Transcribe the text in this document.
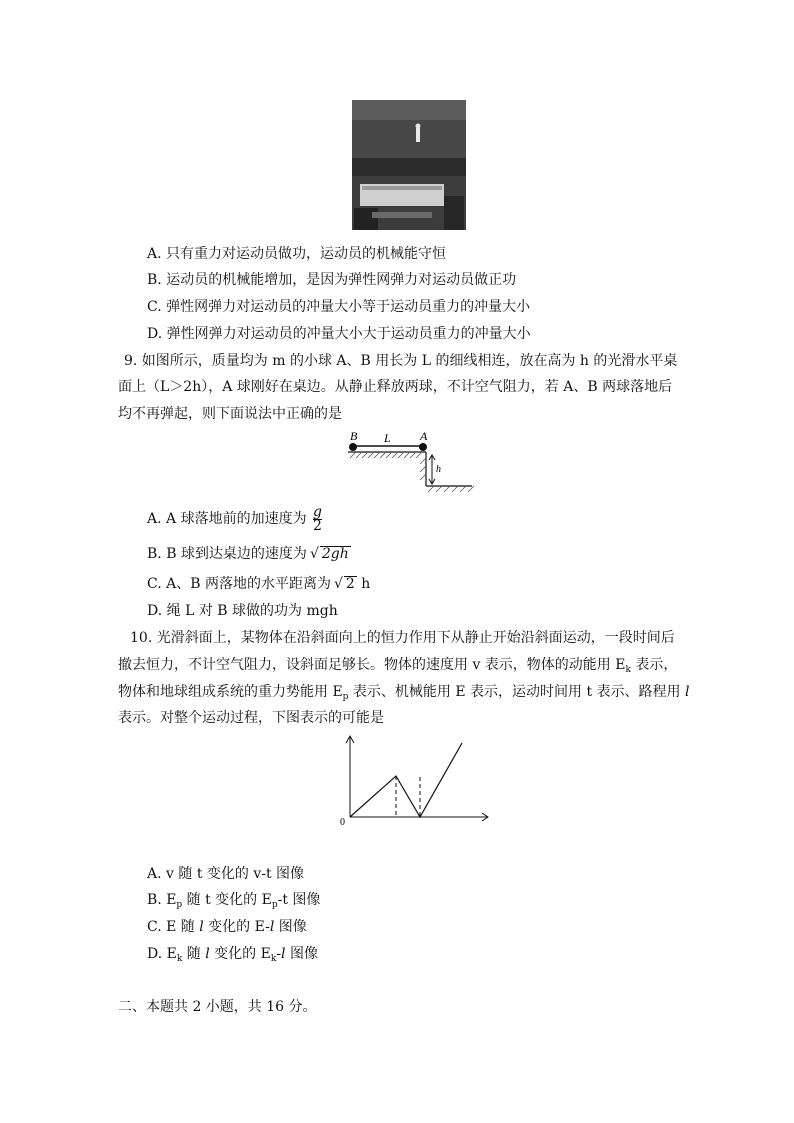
A. 只有重力对运动员做功，运动员的机械能守恒
B. 运动员的机械能增加，是因为弹性网弹力对运动员做正功
C. 弹性网弹力对运动员的冲量大小等于运动员重力的冲量大小
D. 弹性网弹力对运动员的冲量大小大于运动员重力的冲量大小
9. 如图所示，质量均为 m 的小球 A、B 用长为 L 的细线相连，放在高为 h 的光滑水平桌
面上（L＞2h），A 球刚好在桌边。从静止释放两球，不计空气阻力，若 A、B 两球落地后
均不再弹起，则下面说法中正确的是
B L A
h
A. A 球落地前的加速度为 $\frac{g}{2}$
B. B 球到达桌边的速度为 √ 2gh
C. A、B 两落地的水平距离为 √ 2 h
D. 绳 L 对 B 球做的功为 mgh
10. 光滑斜面上，某物体在沿斜面向上的恒力作用下从静止开始沿斜面运动，一段时间后
撤去恒力，不计空气阻力，设斜面足够长。物体的速度用 v 表示，物体的动能用 $E_k$ 表示，
物体和地球组成系统的重力势能用 $E_p$ 表示、机械能用 E 表示，运动时间用 t 表示、路程用 l
表示。对整个运动过程，下图表示的可能是
0
A. v 随 t 变化的 v-t 图像
B. $E_p$ 随 t 变化的 $E_p-t$ 图像
C. E 随 l 变化的 E-l 图像
D. $E_k$ 随 l 变化的 $E_k-l$ 图像
二、本题共 2 小题，共 16 分。
